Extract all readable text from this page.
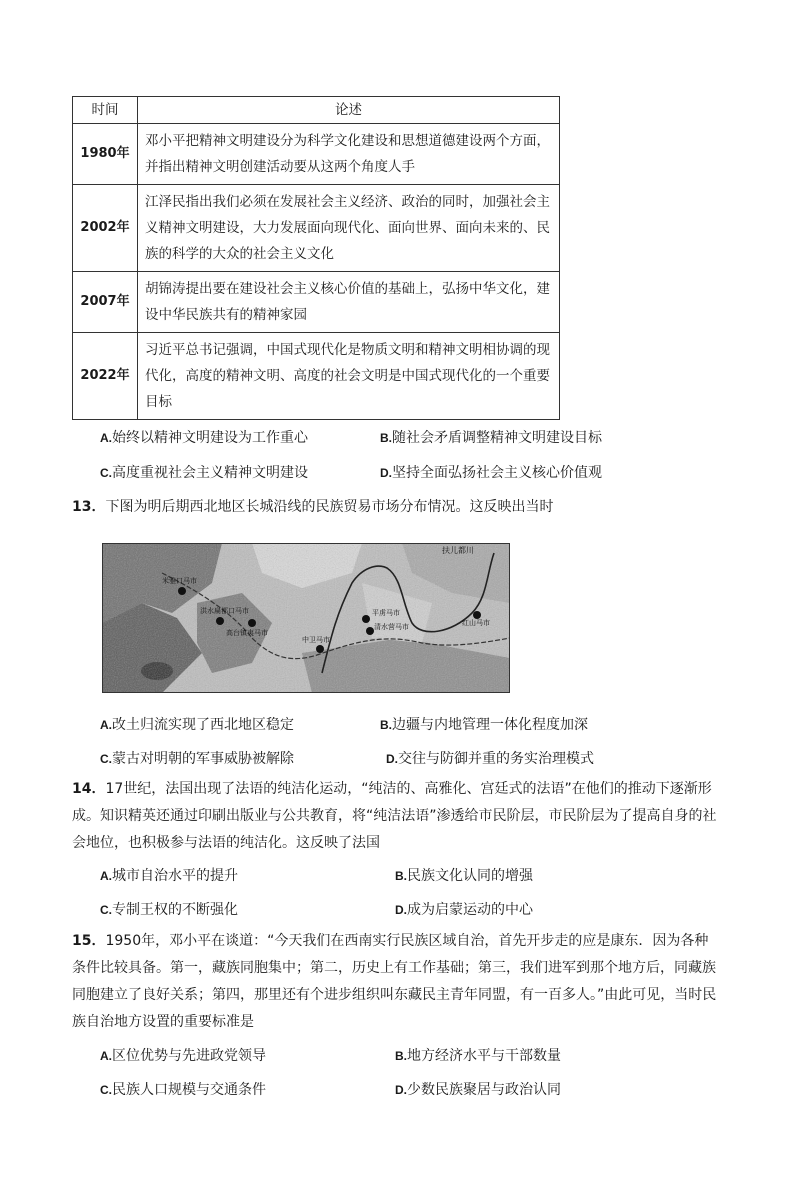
时间	论述
1980年	邓小平把精神文明建设分为科学文化建设和思想道德建设两个方面，并指出精神文明创建活动要从这两个角度人手
2002年	江泽民指出我们必须在发展社会主义经济、政治的同时，加强社会主义精神文明建设，大力发展面向现代化、面向世界、面向未来的、民族的科学的大众的社会主义文化
2007年	胡锦涛提出要在建设社会主义核心价值的基础上，弘扬中华文化，建设中华民族共有的精神家园
2022年	习近平总书记强调，中国式现代化是物质文明和精神文明相协调的现代化，高度的精神文明、高度的社会文明是中国式现代化的一个重要目标
A.始终以精神文明建设为工作重心	B.随社会矛盾调整精神文明建设目标
C.高度重视社会主义精神文明建设	D.坚持全面弘扬社会主义核心价值观
13．下图为明后期西北地区长城沿线的民族贸易市场分布情况。这反映出当时
扶儿都川
米雅口马市
洪水扁都口马市
高台镇夷马市
中卫马市
平虏马市
清水营马市	红山马市
A.改土归流实现了西北地区稳定	B.边疆与内地管理一体化程度加深
C.蒙古对明朝的军事威胁被解除	D.交往与防御并重的务实治理模式
14．17世纪，法国出现了法语的纯洁化运动，“纯洁的、高雅化、宫廷式的法语”在他们的推动下逐渐形成。知识精英还通过印刷出版业与公共教育，将“纯洁法语”渗透给市民阶层，市民阶层为了提高自身的社会地位，也积极参与法语的纯洁化。这反映了法国
A.城市自治水平的提升	B.民族文化认同的增强
C.专制王权的不断强化	D.成为启蒙运动的中心
15．1950年，邓小平在谈道：“今天我们在西南实行民族区域自治，首先开步走的应是康东．因为各种条件比较具备。第一，藏族同胞集中；第二，历史上有工作基础；第三，我们进军到那个地方后，同藏族同胞建立了良好关系；第四，那里还有个进步组织叫东藏民主青年同盟，有一百多人。”由此可见，当时民族自治地方设置的重要标准是
A.区位优势与先进政党领导	B.地方经济水平与干部数量
C.民族人口规模与交通条件	D.少数民族聚居与政治认同
